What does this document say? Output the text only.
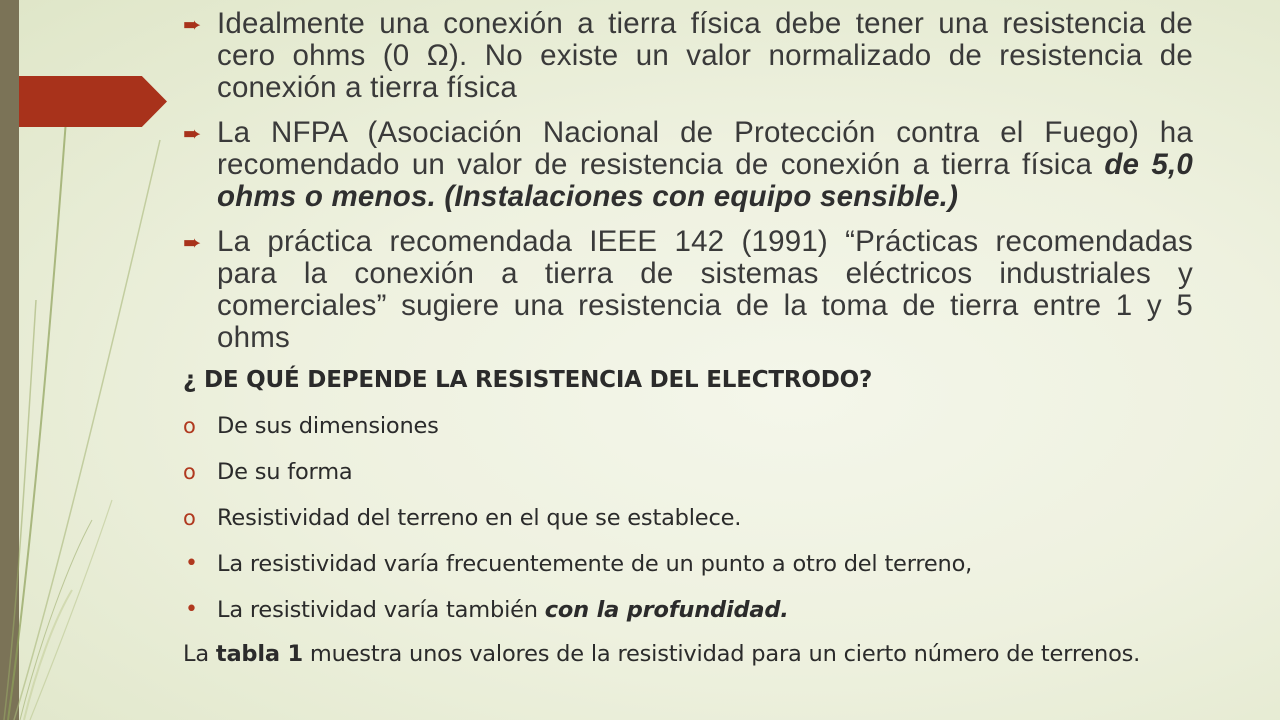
➨ Idealmente una conexión a tierra física debe tener una resistencia de cero ohms (0 Ω). No existe un valor normalizado de resistencia de conexión a tierra física
➨ La NFPA (Asociación Nacional de Protección contra el Fuego) ha recomendado un valor de resistencia de conexión a tierra física de 5,0 ohms o menos. (Instalaciones con equipo sensible.)
➨ La práctica recomendada IEEE 142 (1991) “Prácticas recomendadas para la conexión a tierra de sistemas eléctricos industriales y comerciales” sugiere una resistencia de la toma de tierra entre 1 y 5 ohms
¿ DE QUÉ DEPENDE LA RESISTENCIA DEL ELECTRODO?
o De sus dimensiones
o De su forma
o Resistividad del terreno en el que se establece.
• La resistividad varía frecuentemente de un punto a otro del terreno,
• La resistividad varía también con la profundidad.
La tabla 1 muestra unos valores de la resistividad para un cierto número de terrenos.
